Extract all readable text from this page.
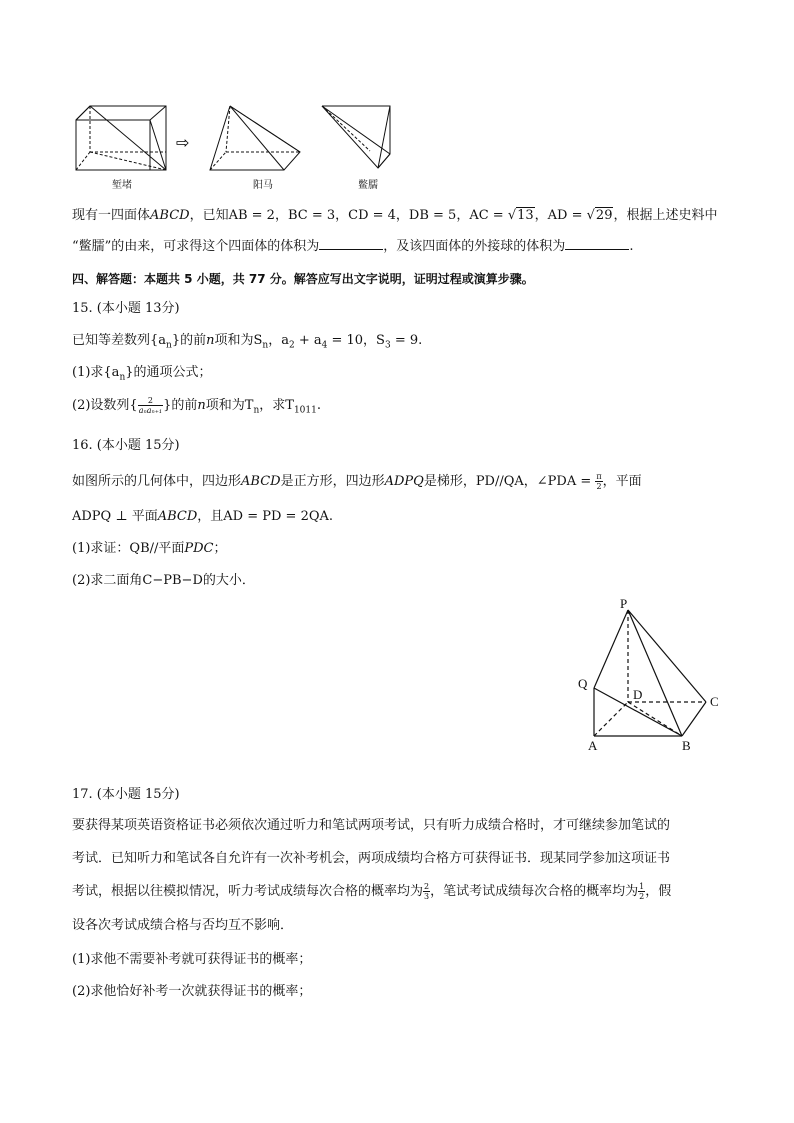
⇨
堑堵	阳马	鳖臑
现有一四面体ABCD，已知AB = 2，BC = 3，CD = 4，DB = 5，AC = √13，AD = √29，根据上述史料中
“鳖臑”的由来，可求得这个四面体的体积为	，及该四面体的外接球的体积为	.
四、解答题：本题共 5 小题，共 77 分。解答应写出文字说明，证明过程或演算步骤。
15. (本小题 13分)
已知等差数列$\{a_n\}$的前n项和为$S_n$，$a_2 + a_4 = 10$，$S_3 = 9$.
(1)求$\{a_n\}$的通项公式；
(2)设数列{ $\frac{2}{\text{aₙaₙ₊₁}}$ }的前n项和为$T_n$，求$T_{1011}$.
16. (本小题 15分)
如图所示的几何体中，四边形ABCD是正方形，四边形ADPQ是梯形，PD//QA，∠PDA = $\frac{\pi}{2}$ ，平面
ADPQ ⊥ 平面ABCD，且AD = PD = 2QA.
(1)求证：QB//平面PDC；
(2)求二面角C−PB−D的大小．
P
Q
D	C
A	B
17. (本小题 15分)
要获得某项英语资格证书必须依次通过听力和笔试两项考试，只有听力成绩合格时，才可继续参加笔试的
考试．已知听力和笔试各自允许有一次补考机会，两项成绩均合格方可获得证书．现某同学参加这项证书
考试，根据以往模拟情况，听力考试成绩每次合格的概率均为 $\frac{2}{3}$ ，笔试考试成绩每次合格的概率均为 $\frac{1}{2}$ ，假
设各次考试成绩合格与否均互不影响．
(1)求他不需要补考就可获得证书的概率；
(2)求他恰好补考一次就获得证书的概率；
